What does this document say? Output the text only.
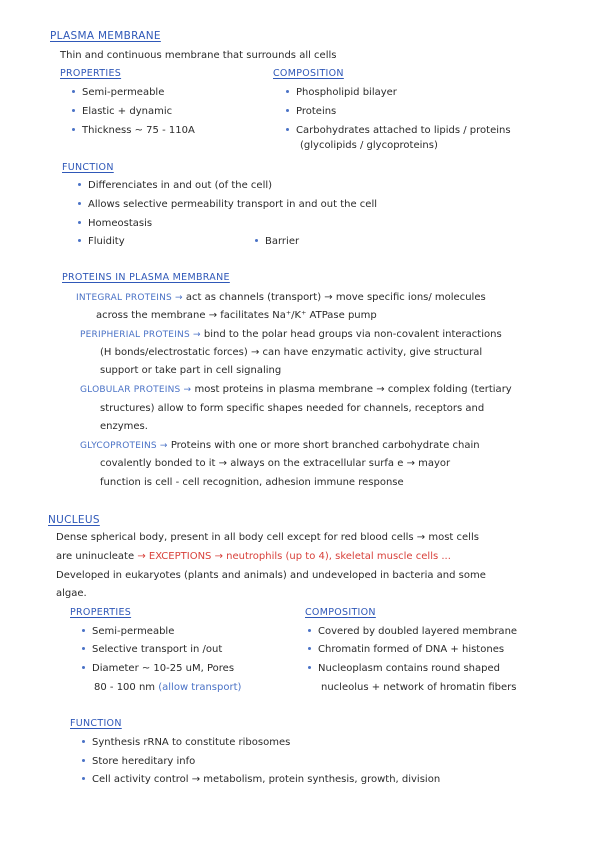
PLASMA MEMBRANE
Thin and continuous membrane that surrounds all cells
PROPERTIES
Semi-permeable
Elastic + dynamic
Thickness ~ 75 - 110A
COMPOSITION
Phospholipid bilayer
Proteins
Carbohydrates attached to lipids / proteins
(glycolipids / glycoproteins)
FUNCTION
Differenciates in and out (of the cell)
Allows selective permeability transport in and out the cell
Homeostasis
Fluidity	Barrier
PROTEINS IN PLASMA MEMBRANE
INTEGRAL PROTEINS → act as channels (transport) → move specific ions/ molecules
across the membrane → facilitates Na⁺/K⁺ ATPase pump
PERIPHERIAL PROTEINS → bind to the polar head groups via non-covalent interactions
(H bonds/electrostatic forces) → can have enzymatic activity, give structural
support or take part in cell signaling
GLOBULAR PROTEINS → most proteins in plasma membrane → complex folding (tertiary
structures) allow to form specific shapes needed for channels, receptors and
enzymes.
GLYCOPROTEINS → Proteins with one or more short branched carbohydrate chain
covalently bonded to it → always on the extracellular surfa e → mayor
function is cell - cell recognition, adhesion immune response
NUCLEUS
Dense spherical body, present in all body cell except for red blood cells → most cells
are uninucleate → EXCEPTIONS → neutrophils (up to 4), skeletal muscle cells ...
Developed in eukaryotes (plants and animals) and undeveloped in bacteria and some
algae.
PROPERTIES
Semi-permeable
Selective transport in /out
Diameter ~ 10-25 uM, Pores
80 - 100 nm (allow transport)
COMPOSITION
Covered by doubled layered membrane
Chromatin formed of DNA + histones
Nucleoplasm contains round shaped
nucleolus + network of hromatin fibers
FUNCTION
Synthesis rRNA to constitute ribosomes
Store hereditary info
Cell activity control → metabolism, protein synthesis, growth, division
